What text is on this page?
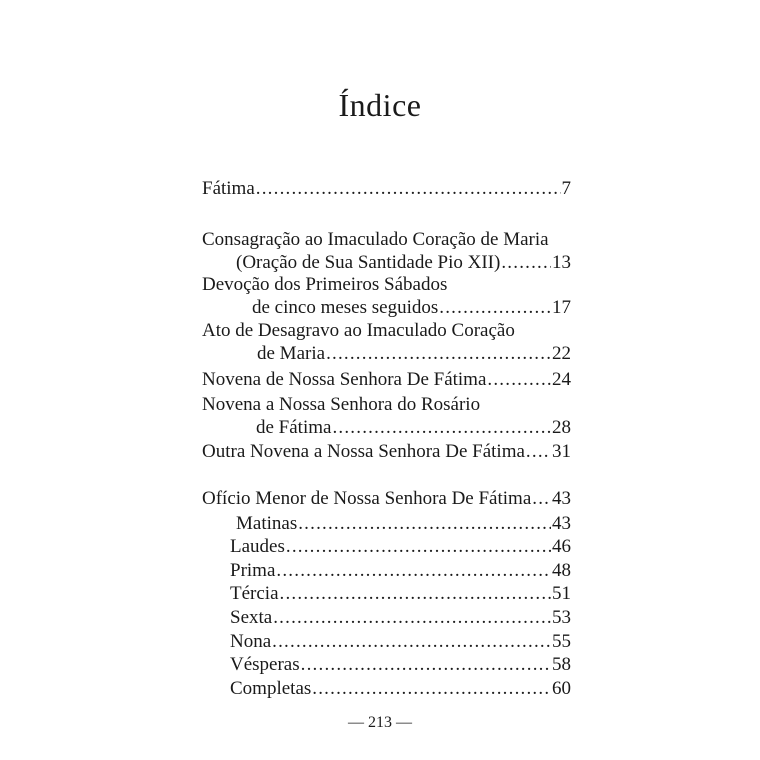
Índice
Fátima .....	7
Consagração ao Imaculado Coração de Maria
(Oração de Sua Santidade Pio XII) .....	13
Devoção dos Primeiros Sábados
de cinco meses seguidos .....	17
Ato de Desagravo ao Imaculado Coração
de Maria .....	22
Novena de Nossa Senhora De Fátima .....	24
Novena a Nossa Senhora do Rosário
de Fátima .....	28
Outra Novena a Nossa Senhora De Fátima ..... 31
Ofício Menor de Nossa Senhora De Fátima ..... 43
Matinas .....	43
Laudes .....	46
Prima .....	48
Tércia .....	51
Sexta .....	53
Nona .....	55
Vésperas .....	58
Completas .....	60
— 213 —
